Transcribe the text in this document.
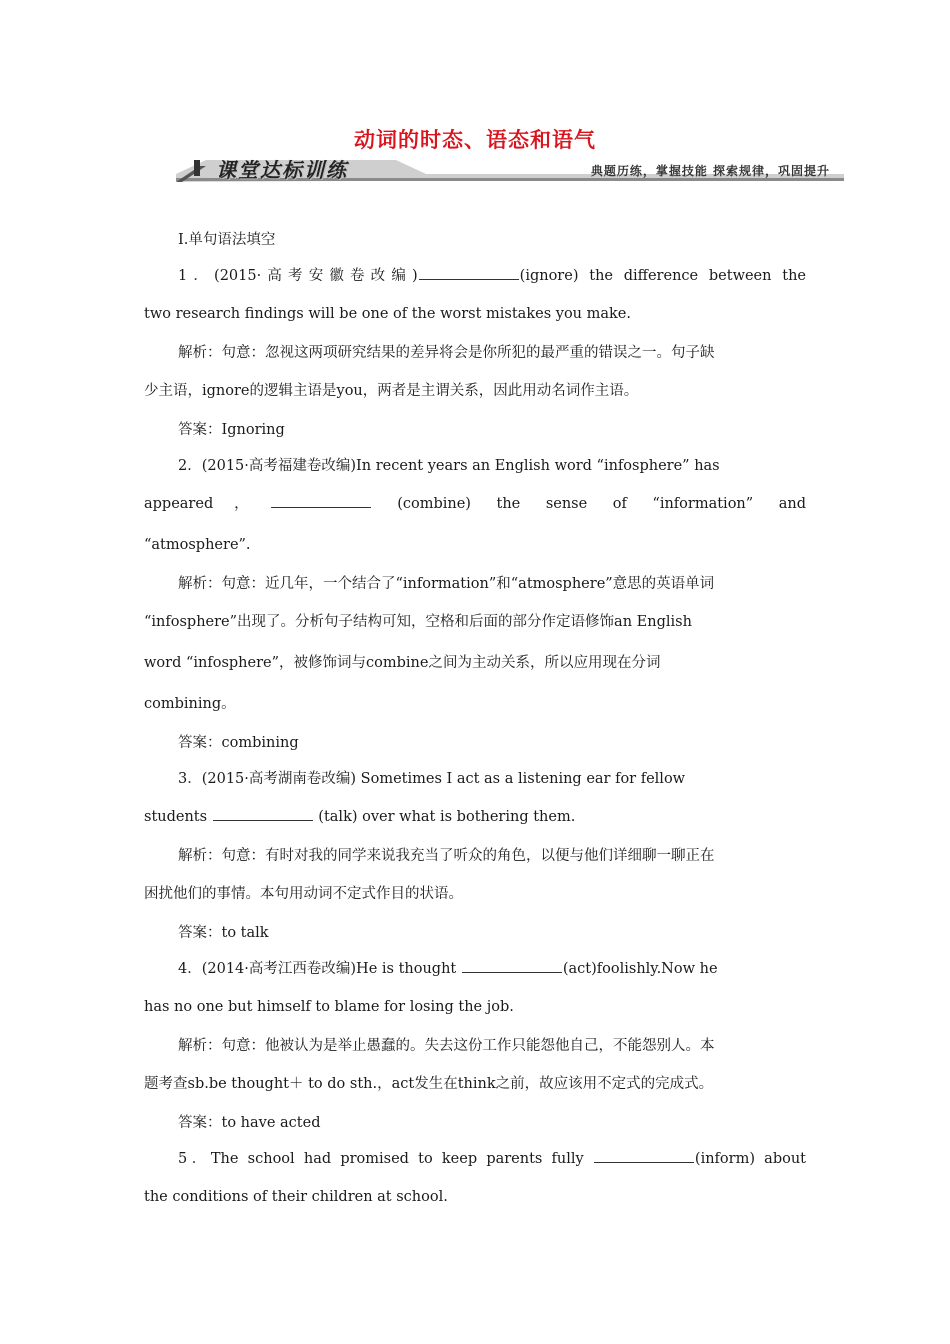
动词的时态、语态和语气
课堂达标训练	典题历练，掌握技能 探索规律，巩固提升

Ⅰ.单句语法填空

1．(2015·高考安徽卷改编)	(ignore) the difference between the

two research findings will be one of the worst mistakes you make.

解析：句意：忽视这两项研究结果的差异将会是你所犯的最严重的错误之一。句子缺

少主语，ignore的逻辑主语是you，两者是主谓关系，因此用动名词作主语。

答案：Ignoring

2．(2015·高考福建卷改编)In recent years an English word “infosphere” has

appeared，	(combine) the sense of “information” and

“atmosphere”.

解析：句意：近几年，一个结合了“information”和“atmosphere”意思的英语单词

“infosphere”出现了。分析句子结构可知，空格和后面的部分作定语修饰an English

word “infosphere”，被修饰词与combine之间为主动关系，所以应用现在分词

combining。

答案：combining

3．(2015·高考湖南卷改编) Sometimes I act as a listening ear for fellow

students	(talk) over what is bothering them.

解析：句意：有时对我的同学来说我充当了听众的角色，以便与他们详细聊一聊正在

困扰他们的事情。本句用动词不定式作目的状语。

答案：to talk

4．(2014·高考江西卷改编)He is thought	(act)foolishly.Now he

has no one but himself to blame for losing the job.

解析：句意：他被认为是举止愚蠢的。失去这份工作只能怨他自己，不能怨别人。本

题考查sb.be thought＋ to do sth.，act发生在think之前，故应该用不定式的完成式。

答案：to have acted

5．The school had promised to keep parents fully	(inform) about

the conditions of their children at school.
